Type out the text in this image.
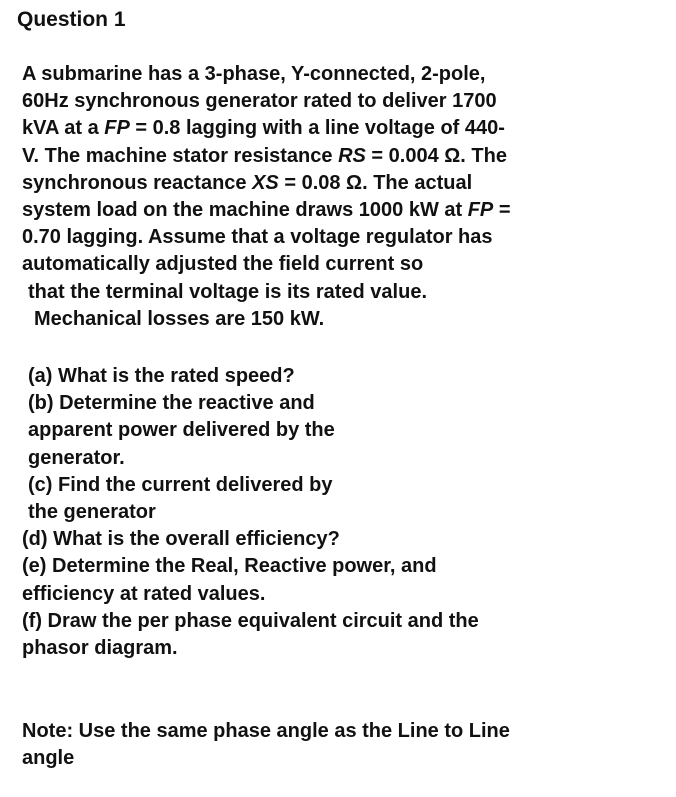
Question 1
A submarine has a 3-phase, Y-connected, 2-pole,
60Hz synchronous generator rated to deliver 1700
kVA at a FP = 0.8 lagging with a line voltage of 440-
V. The machine stator resistance RS = 0.004 Ω. The
synchronous reactance XS = 0.08 Ω. The actual
system load on the machine draws 1000 kW at FP =
0.70 lagging. Assume that a voltage regulator has
automatically adjusted the field current so
that the terminal voltage is its rated value.
Mechanical losses are 150 kW.
(a) What is the rated speed?
(b) Determine the reactive and
apparent power delivered by the
generator.
(c) Find the current delivered by
the generator
(d) What is the overall efficiency?
(e) Determine the Real, Reactive power, and
efficiency at rated values.
(f) Draw the per phase equivalent circuit and the
phasor diagram.
Note: Use the same phase angle as the Line to Line
angle
